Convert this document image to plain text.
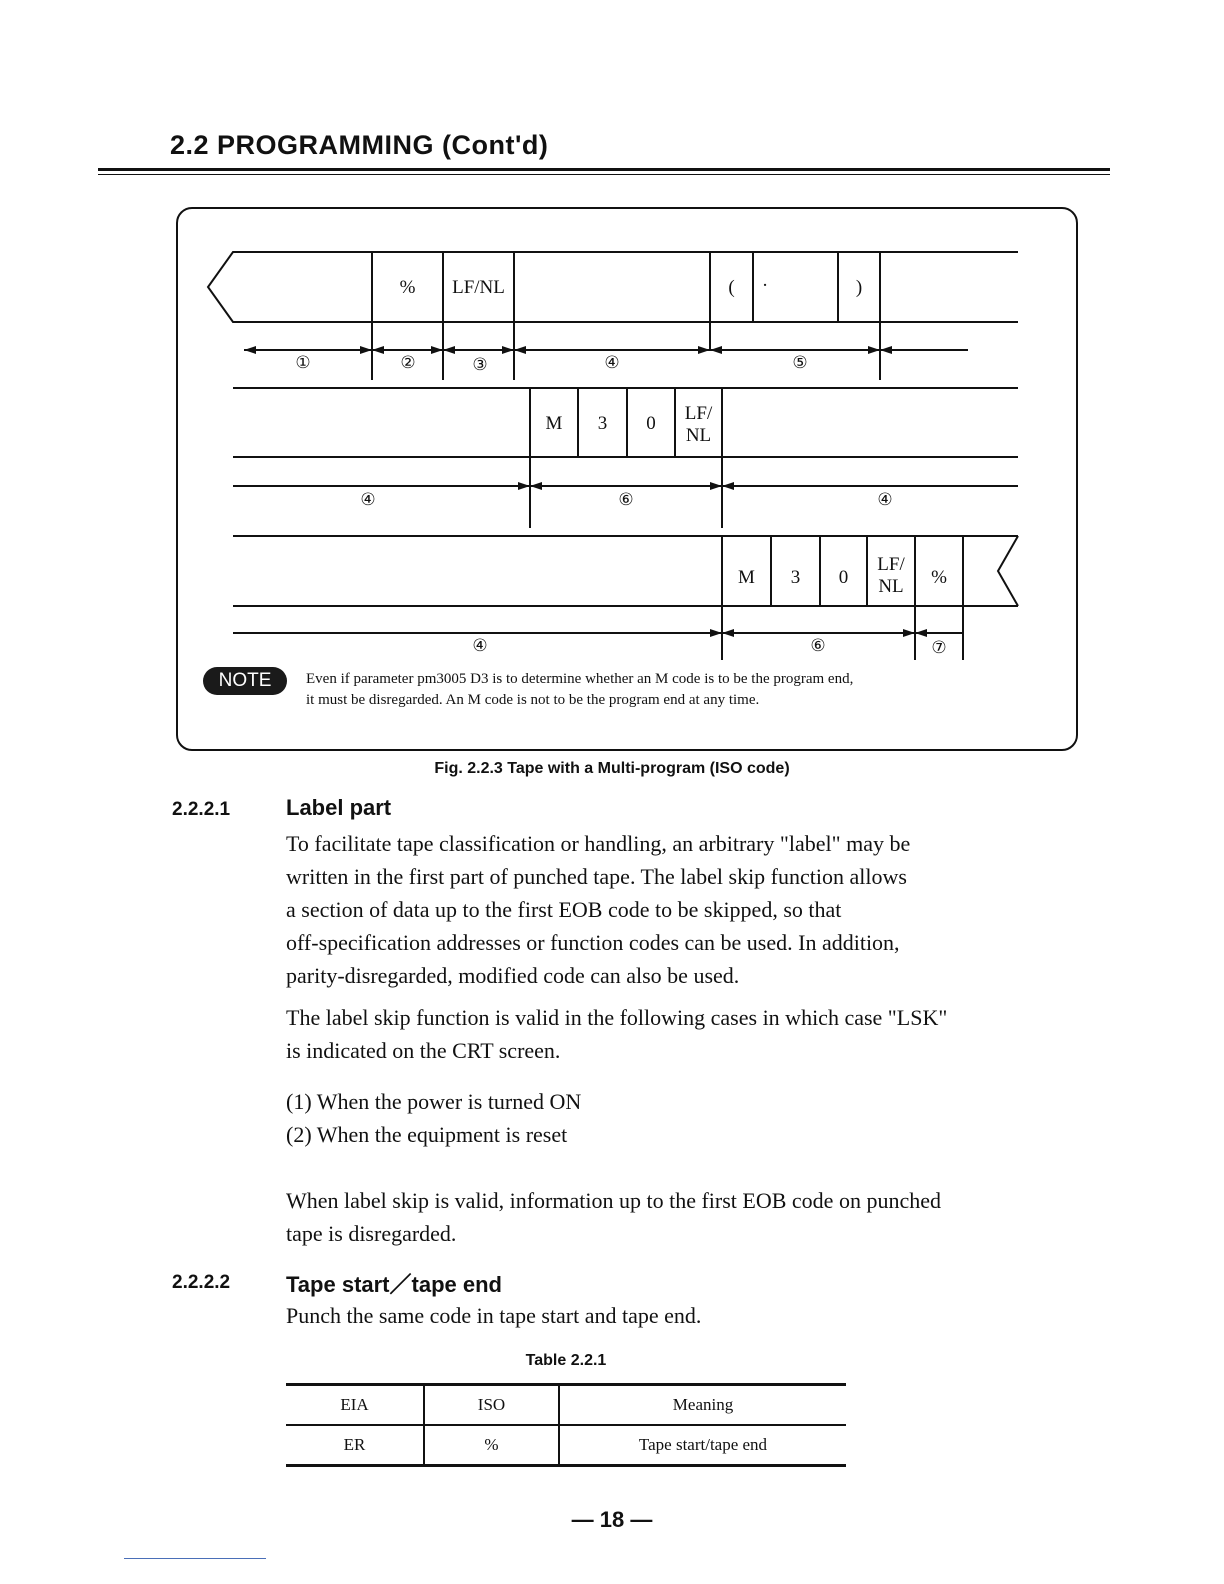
2.2 PROGRAMMING (Cont'd)
%	LF/NL	(	·	)
①	②	③	④	⑤
M	3	0	LF/
NL
④	⑥	④
M	3	0
LF/
NL	%
④	⑥	⑦
NOTE	Even if parameter pm3005 D3 is to determine whether an M code is to be the program end,
it must be disregarded. An M code is not to be the program end at any time.
Fig. 2.2.3 Tape with a Multi-program (ISO code)
2.2.2.1	Label part
To facilitate tape classification or handling, an arbitrary "label" may be
written in the first part of punched tape. The label skip function allows
a section of data up to the first EOB code to be skipped, so that
off-specification addresses or function codes can be used. In addition,
parity-disregarded, modified code can also be used.
The label skip function is valid in the following cases in which case "LSK"
is indicated on the CRT screen.
(1) When the power is turned ON
(2) When the equipment is reset
When label skip is valid, information up to the first EOB code on punched
tape is disregarded.
2.2.2.2	Tape start／tape end
Punch the same code in tape start and tape end.
Table 2.2.1
EIA	ISO	Meaning
ER	%	Tape start/tape end
— 18 —
